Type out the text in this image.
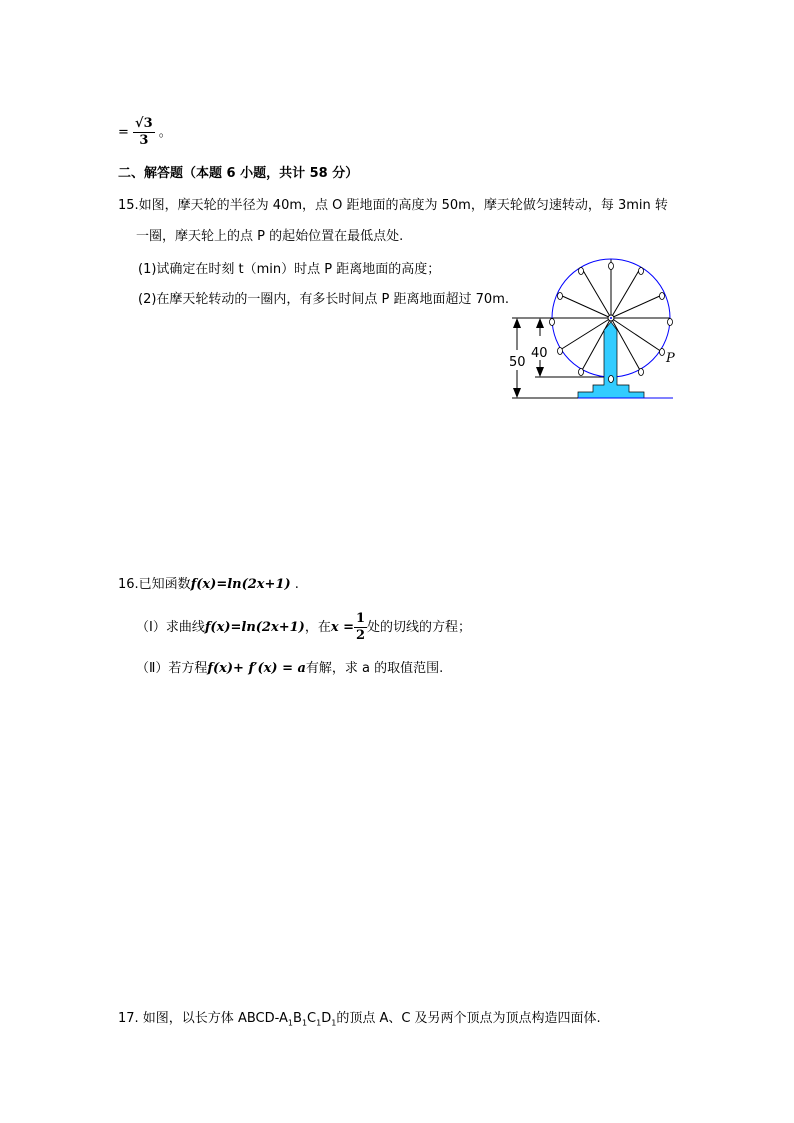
= $\frac{√3}{3}$ 。
二、解答题（本题 6 小题，共计 58 分）
15.如图，摩天轮的半径为 40m，点 O 距地面的高度为 50m，摩天轮做匀速转动，每 3min 转
一圈，摩天轮上的点 P 的起始位置在最低点处.
(1)试确定在时刻 t（min）时点 P 距离地面的高度；
(2)在摩天轮转动的一圈内，有多长时间点 P 距离地面超过 70m.
50
40	P
16.已知函数f(x)=ln(2x+1) .
（Ⅰ）求曲线f(x)=ln(2x+1)，在$x = \frac{1}{2}$ 处的切线的方程；
（Ⅱ）若方程f(x)+ f′(x) = a有解，求 a 的取值范围.
17. 如图，以长方体 ABCD-$A_1B_1C_1D_1$的顶点 A、C 及另两个顶点为顶点构造四面体.
